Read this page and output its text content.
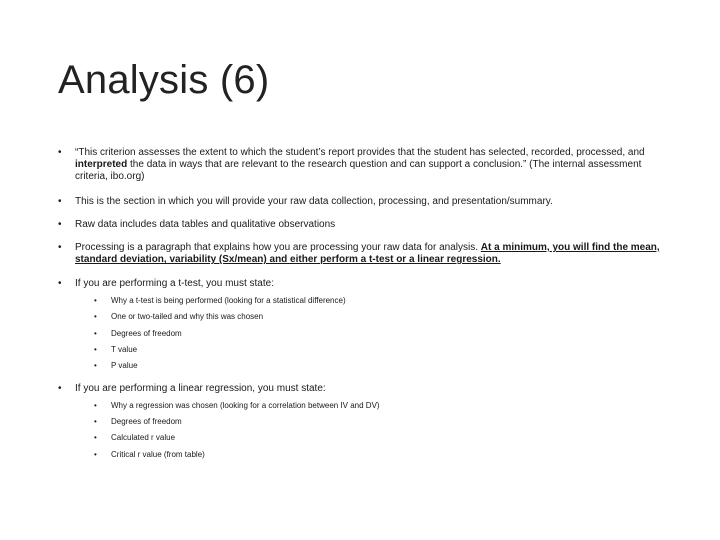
Analysis (6)
• “This criterion assesses the extent to which the student’s report provides that the student has selected, recorded, processed, and interpreted the data in ways that are relevant to the research question and can support a conclusion.” (The internal assessment criteria, ibo.org)
• This is the section in which you will provide your raw data collection, processing, and presentation/summary.
• Raw data includes data tables and qualitative observations
• Processing is a paragraph that explains how you are processing your raw data for analysis. At a minimum, you will find the mean, standard deviation, variability (Sx/mean) and either perform a t-test or a linear regression.
• If you are performing a t-test, you must state:
• Why a t-test is being performed (looking for a statistical difference)
• One or two-tailed and why this was chosen
• Degrees of freedom
• T value
• P value
• If you are performing a linear regression, you must state:
• Why a regression was chosen (looking for a correlation between IV and DV)
• Degrees of freedom
• Calculated r value
• Critical r value (from table)
